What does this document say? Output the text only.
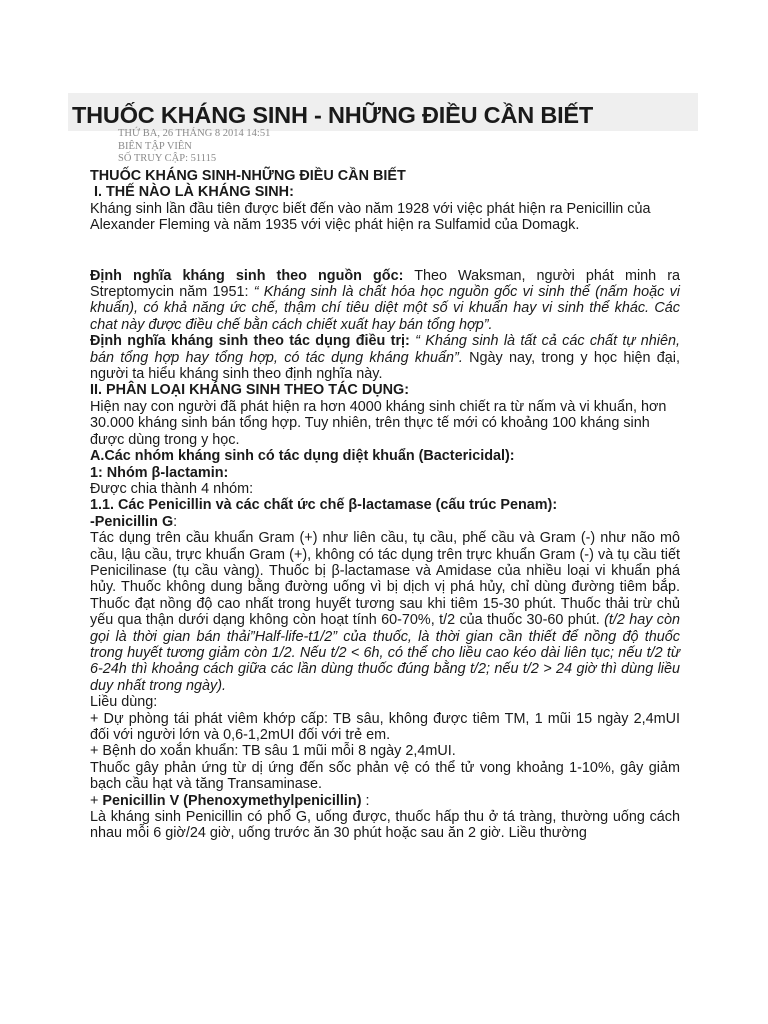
THUỐC KHÁNG SINH - NHỮNG ĐIỀU CẦN BIẾT
THỨ BA, 26 THÁNG 8 2014 14:51
BIÊN TẬP VIÊN
SỐ TRUY CẬP: 51115

THUỐC KHÁNG SINH-NHỮNG ĐIỀU CẦN BIẾT

I. THẾ NÀO LÀ KHÁNG SINH:

Kháng sinh lần đầu tiên được biết đến vào năm 1928 với việc phát hiện ra Penicillin của Alexander Fleming và năm 1935 với việc phát hiện ra Sulfamid của Domagk.

Định nghĩa kháng sinh theo nguồn gốc: Theo Waksman, người phát minh ra Streptomycin năm 1951: “ Kháng sinh là chất hóa học nguồn gốc vi sinh thể (nấm hoặc vi khuẩn), có khả năng ức chế, thậm chí tiêu diệt một số vi khuẩn hay vi sinh thể khác. Các chat này được điều chế bằn cách chiết xuất hay bán tổng hợp”.

Định nghĩa kháng sinh theo tác dụng điều trị: “ Kháng sinh là tất cả các chất tự nhiên, bán tổng hợp hay tổng hợp, có tác dụng kháng khuẩn”. Ngày nay, trong y học hiện đại, người ta hiểu kháng sinh theo định nghĩa này.

II. PHÂN LOẠI KHÁNG SINH THEO TÁC DỤNG:

Hiện nay con người đã phát hiện ra hơn 4000 kháng sinh chiết ra từ nấm và vi khuẩn, hơn 30.000 kháng sinh bán tổng hợp. Tuy nhiên, trên thực tế mới có khoảng 100 kháng sinh được dùng trong y học.

A.Các nhóm kháng sinh có tác dụng diệt khuẩn (Bactericidal):

1: Nhóm β-lactamin:

Được chia thành 4 nhóm:

1.1. Các Penicillin và các chất ức chế β-lactamase (cấu trúc Penam):

-Penicillin G:

Tác dụng trên cầu khuẩn Gram (+) như liên cầu, tụ cầu, phế cầu và Gram (-) như não mô cầu, lậu cầu, trực khuẩn Gram (+), không có tác dụng trên trực khuẩn Gram (-) và tụ cầu tiết Penicilinase (tụ cầu vàng). Thuốc bị β-lactamase và Amidase của nhiều loại vi khuẩn phá hủy. Thuốc không dung bằng đường uống vì bị dịch vị phá hủy, chỉ dùng đường tiêm bắp. Thuốc đạt nồng độ cao nhất trong huyết tương sau khi tiêm 15-30 phút. Thuốc thải trừ chủ yếu qua thận dưới dạng không còn hoạt tính 60-70%, t/2 của thuốc 30-60 phút. (t/2 hay còn gọi là thời gian bán thải”Half-life-t1/2” của thuốc, là thời gian cần thiết để nồng độ thuốc trong huyết tương giảm còn 1/2. Nếu t/2 < 6h, có thể cho liều cao kéo dài liên tục; nếu t/2 từ 6-24h thì khoảng cách giữa các lần dùng thuốc đúng bằng t/2; nếu t/2 > 24 giờ thì dùng liều duy nhất trong ngày).

Liều dùng:

+ Dự phòng tái phát viêm khớp cấp: TB sâu, không được tiêm TM, 1 mũi 15 ngày 2,4mUI đối với người lớn và 0,6-1,2mUI đối với trẻ em.

+ Bệnh do xoắn khuẩn: TB sâu 1 mũi mỗi 8 ngày 2,4mUI.

Thuốc gây phản ứng từ dị ứng đến sốc phản vệ có thể tử vong khoảng 1-10%, gây giảm bạch cầu hạt và tăng Transaminase.

+ Penicillin V (Phenoxymethylpenicillin) :

Là kháng sinh Penicillin có phổ G, uống được, thuốc hấp thu ở tá tràng, thường uống cách nhau mỗi 6 giờ/24 giờ, uống trước ăn 30 phút hoặc sau ăn 2 giờ. Liều thường
